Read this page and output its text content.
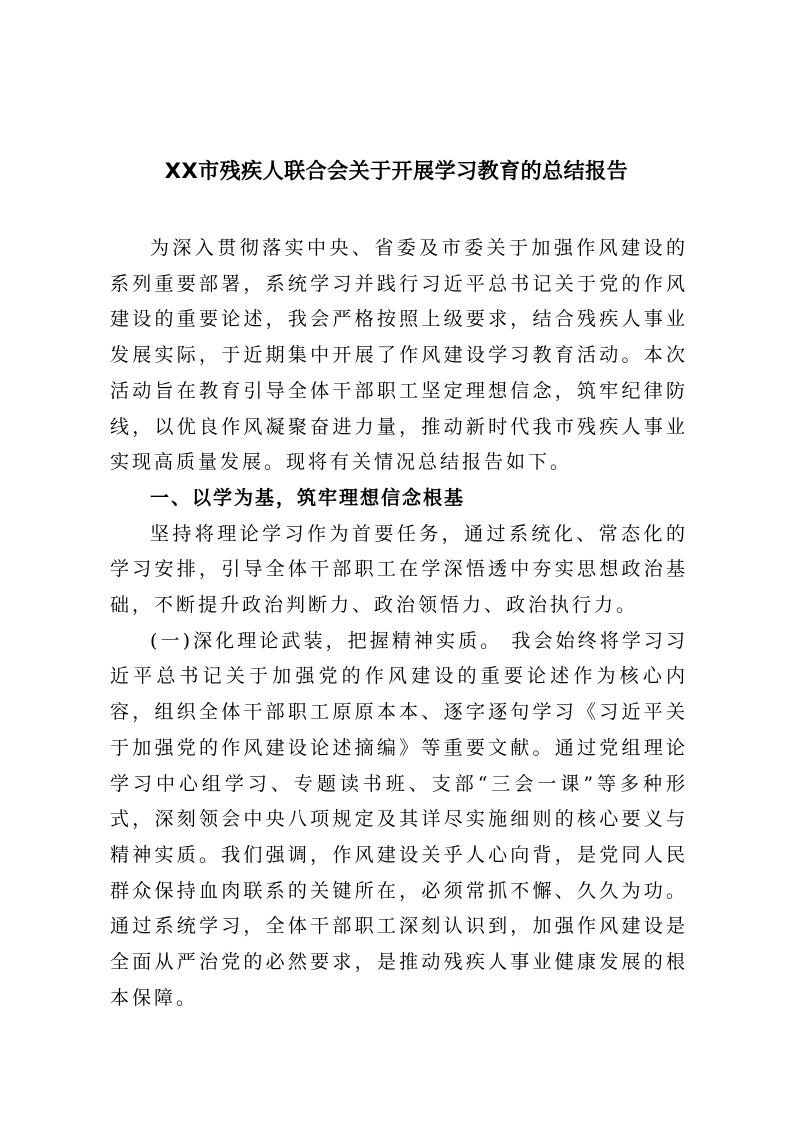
XX市残疾人联合会关于开展学习教育的总结报告

为深入贯彻落实中央、省委及市委关于加强作风建设的系列重要部署，系统学习并践行习近平总书记关于党的作风建设的重要论述，我会严格按照上级要求，结合残疾人事业发展实际，于近期集中开展了作风建设学习教育活动。本次活动旨在教育引导全体干部职工坚定理想信念，筑牢纪律防线，以优良作风凝聚奋进力量，推动新时代我市残疾人事业实现高质量发展。现将有关情况总结报告如下。

一、以学为基，筑牢理想信念根基

坚持将理论学习作为首要任务，通过系统化、常态化的学习安排，引导全体干部职工在学深悟透中夯实思想政治基础，不断提升政治判断力、政治领悟力、政治执行力。

(一)深化理论武装，把握精神实质。 我会始终将学习习近平总书记关于加强党的作风建设的重要论述作为核心内容，组织全体干部职工原原本本、逐字逐句学习《习近平关于加强党的作风建设论述摘编》等重要文献。通过党组理论学习中心组学习、专题读书班、支部“三会一课”等多种形式，深刻领会中央八项规定及其详尽实施细则的核心要义与精神实质。我们强调，作风建设关乎人心向背，是党同人民群众保持血肉联系的关键所在，必须常抓不懈、久久为功。通过系统学习，全体干部职工深刻认识到，加强作风建设是全面从严治党的必然要求，是推动残疾人事业健康发展的根本保障。
